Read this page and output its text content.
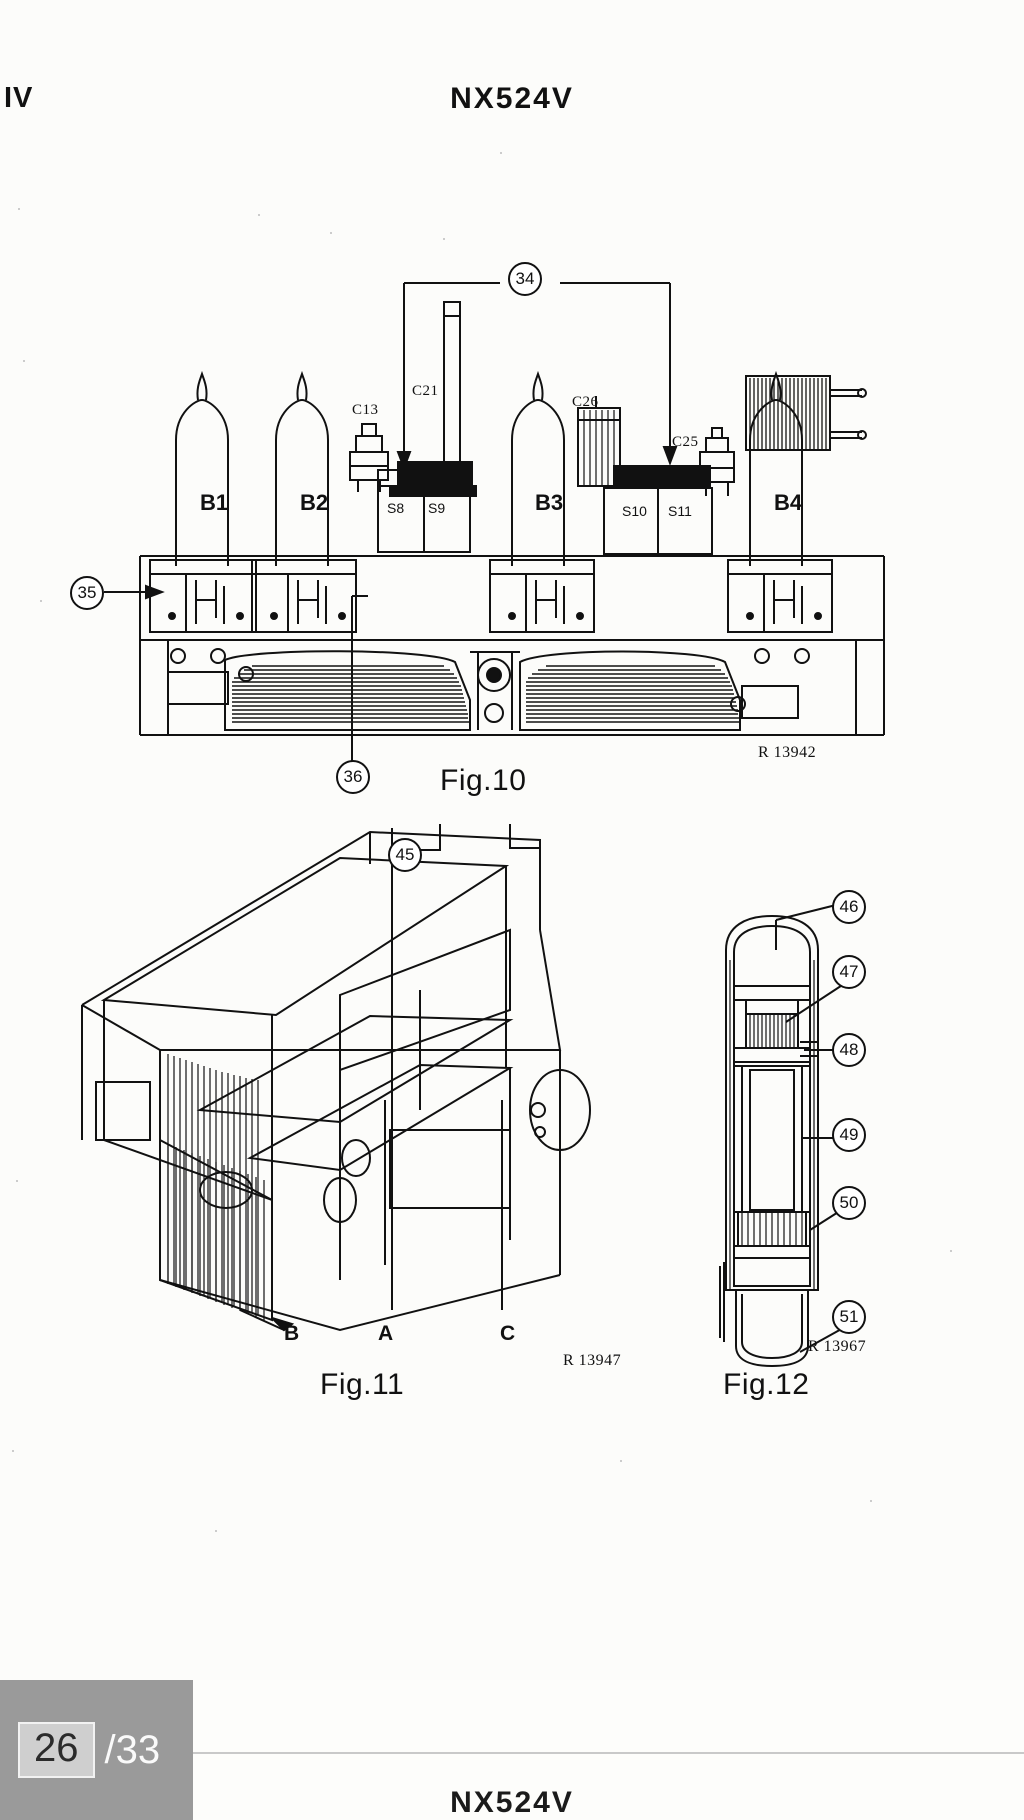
IV	NX524V
34
35
36
B1	B2	B3	B4
C13
C21
C26
C25
S8 S9	S10 S11
Fig.10
R 13942
45
B	A	C
Fig.11
R 13947
46
47
48
49
50
51
Fig.12
R 13967
NX524V
26 /33
